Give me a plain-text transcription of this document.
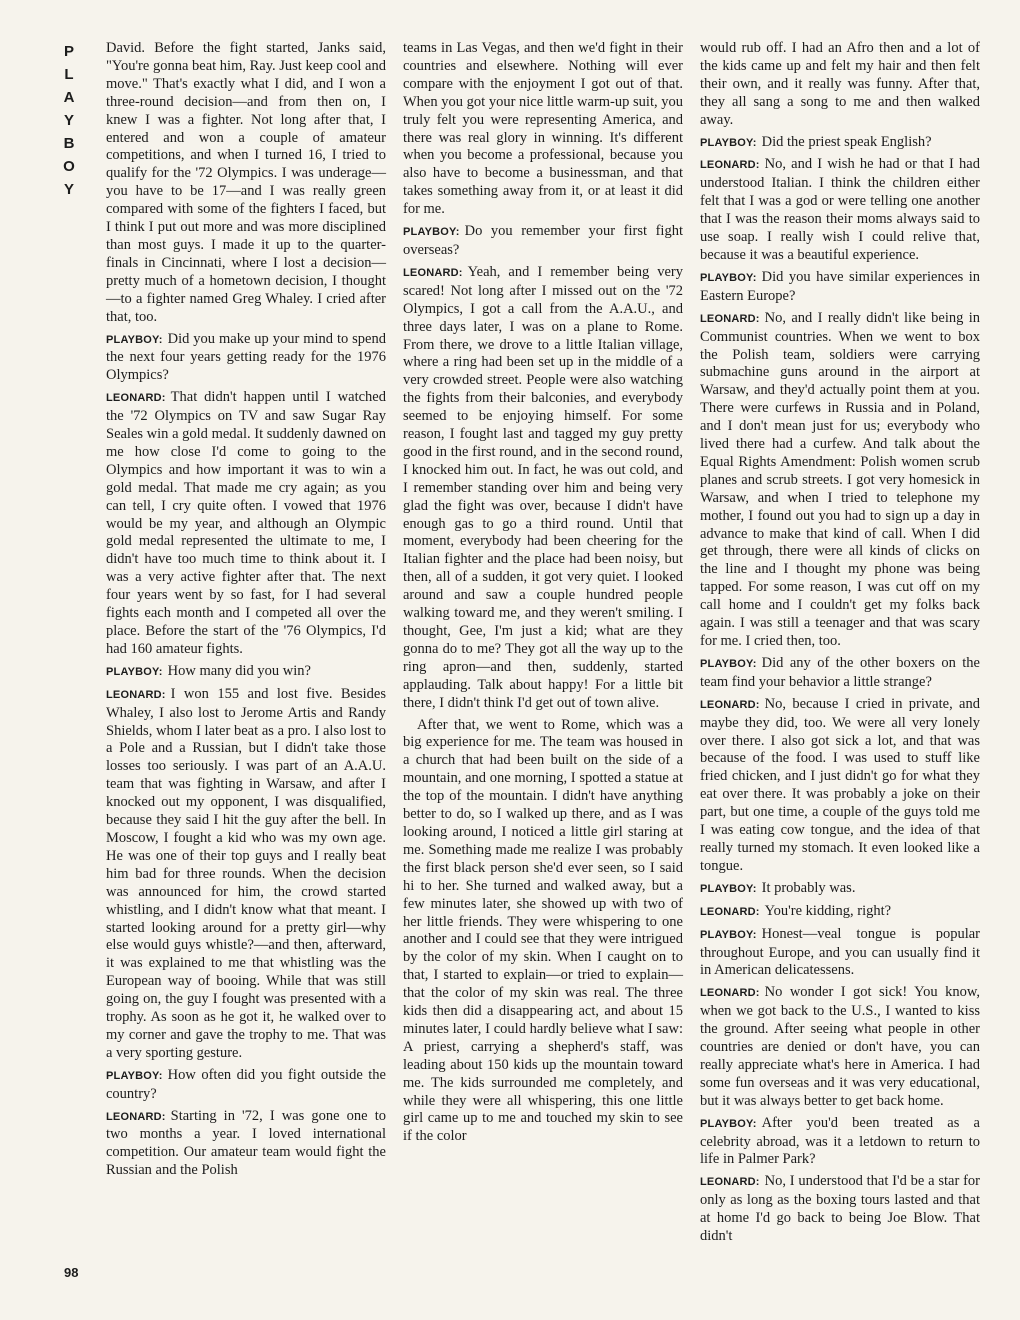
P
L
A
Y
B
O
Y
98

David. Before the fight started, Janks said, "You're gonna beat him, Ray. Just keep cool and move." That's exactly what I did, and I won a three-round decision—and from then on, I knew I was a fighter. Not long after that, I entered and won a couple of amateur competitions, and when I turned 16, I tried to qualify for the '72 Olympics. I was underage—you have to be 17—and I was really green compared with some of the fighters I faced, but I think I put out more and was more disciplined than most guys. I made it up to the quarter-finals in Cincinnati, where I lost a decision—pretty much of a hometown decision, I thought—to a fighter named Greg Whaley. I cried after that, too.

PLAYBOY: Did you make up your mind to spend the next four years getting ready for the 1976 Olympics?

LEONARD: That didn't happen until I watched the '72 Olympics on TV and saw Sugar Ray Seales win a gold medal. It suddenly dawned on me how close I'd come to going to the Olympics and how important it was to win a gold medal. That made me cry again; as you can tell, I cry quite often. I vowed that 1976 would be my year, and although an Olympic gold medal represented the ultimate to me, I didn't have too much time to think about it. I was a very active fighter after that. The next four years went by so fast, for I had several fights each month and I competed all over the place. Before the start of the '76 Olympics, I'd had 160 amateur fights.

PLAYBOY: How many did you win?

LEONARD: I won 155 and lost five. Besides Whaley, I also lost to Jerome Artis and Randy Shields, whom I later beat as a pro. I also lost to a Pole and a Russian, but I didn't take those losses too seriously. I was part of an A.A.U. team that was fighting in Warsaw, and after I knocked out my opponent, I was disqualified, because they said I hit the guy after the bell. In Moscow, I fought a kid who was my own age. He was one of their top guys and I really beat him bad for three rounds. When the decision was announced for him, the crowd started whistling, and I didn't know what that meant. I started looking around for a pretty girl—why else would guys whistle?—and then, afterward, it was explained to me that whistling was the European way of booing. While that was still going on, the guy I fought was presented with a trophy. As soon as he got it, he walked over to my corner and gave the trophy to me. That was a very sporting gesture.

PLAYBOY: How often did you fight outside the country?

LEONARD: Starting in '72, I was gone one to two months a year. I loved international competition. Our amateur team would fight the Russian and the Polish

teams in Las Vegas, and then we'd fight in their countries and elsewhere. Nothing will ever compare with the enjoyment I got out of that. When you got your nice little warm-up suit, you truly felt you were representing America, and there was real glory in winning. It's different when you become a professional, because you also have to become a businessman, and that takes something away from it, or at least it did for me.

PLAYBOY: Do you remember your first fight overseas?

LEONARD: Yeah, and I remember being very scared! Not long after I missed out on the '72 Olympics, I got a call from the A.A.U., and three days later, I was on a plane to Rome. From there, we drove to a little Italian village, where a ring had been set up in the middle of a very crowded street. People were also watching the fights from their balconies, and everybody seemed to be enjoying himself. For some reason, I fought last and tagged my guy pretty good in the first round, and in the second round, I knocked him out. In fact, he was out cold, and I remember standing over him and being very glad the fight was over, because I didn't have enough gas to go a third round. Until that moment, everybody had been cheering for the Italian fighter and the place had been noisy, but then, all of a sudden, it got very quiet. I looked around and saw a couple hundred people walking toward me, and they weren't smiling. I thought, Gee, I'm just a kid; what are they gonna do to me? They got all the way up to the ring apron—and then, suddenly, started applauding. Talk about happy! For a little bit there, I didn't think I'd get out of town alive.

After that, we went to Rome, which was a big experience for me. The team was housed in a church that had been built on the side of a mountain, and one morning, I spotted a statue at the top of the mountain. I didn't have anything better to do, so I walked up there, and as I was looking around, I noticed a little girl staring at me. Something made me realize I was probably the first black person she'd ever seen, so I said hi to her. She turned and walked away, but a few minutes later, she showed up with two of her little friends. They were whispering to one another and I could see that they were intrigued by the color of my skin. When I caught on to that, I started to explain—or tried to explain—that the color of my skin was real. The three kids then did a disappearing act, and about 15 minutes later, I could hardly believe what I saw: A priest, carrying a shepherd's staff, was leading about 150 kids up the mountain toward me. The kids surrounded me completely, and while they were all whispering, this one little girl came up to me and touched my skin to see if the color

would rub off. I had an Afro then and a lot of the kids came up and felt my hair and then felt their own, and it really was funny. After that, they all sang a song to me and then walked away.

PLAYBOY: Did the priest speak English?

LEONARD: No, and I wish he had or that I had understood Italian. I think the children either felt that I was a god or were telling one another that I was the reason their moms always said to use soap. I really wish I could relive that, because it was a beautiful experience.

PLAYBOY: Did you have similar experiences in Eastern Europe?

LEONARD: No, and I really didn't like being in Communist countries. When we went to box the Polish team, soldiers were carrying submachine guns around in the airport at Warsaw, and they'd actually point them at you. There were curfews in Russia and in Poland, and I don't mean just for us; everybody who lived there had a curfew. And talk about the Equal Rights Amendment: Polish women scrub planes and scrub streets. I got very homesick in Warsaw, and when I tried to telephone my mother, I found out you had to sign up a day in advance to make that kind of call. When I did get through, there were all kinds of clicks on the line and I thought my phone was being tapped. For some reason, I was cut off on my call home and I couldn't get my folks back again. I was still a teenager and that was scary for me. I cried then, too.

PLAYBOY: Did any of the other boxers on the team find your behavior a little strange?

LEONARD: No, because I cried in private, and maybe they did, too. We were all very lonely over there. I also got sick a lot, and that was because of the food. I was used to stuff like fried chicken, and I just didn't go for what they eat over there. It was probably a joke on their part, but one time, a couple of the guys told me I was eating cow tongue, and the idea of that really turned my stomach. It even looked like a tongue.

PLAYBOY: It probably was.

LEONARD: You're kidding, right?

PLAYBOY: Honest—veal tongue is popular throughout Europe, and you can usually find it in American delicatessens.

LEONARD: No wonder I got sick! You know, when we got back to the U.S., I wanted to kiss the ground. After seeing what people in other countries are denied or don't have, you can really appreciate what's here in America. I had some fun overseas and it was very educational, but it was always better to get back home.

PLAYBOY: After you'd been treated as a celebrity abroad, was it a letdown to return to life in Palmer Park?

LEONARD: No, I understood that I'd be a star for only as long as the boxing tours lasted and that at home I'd go back to being Joe Blow. That didn't
